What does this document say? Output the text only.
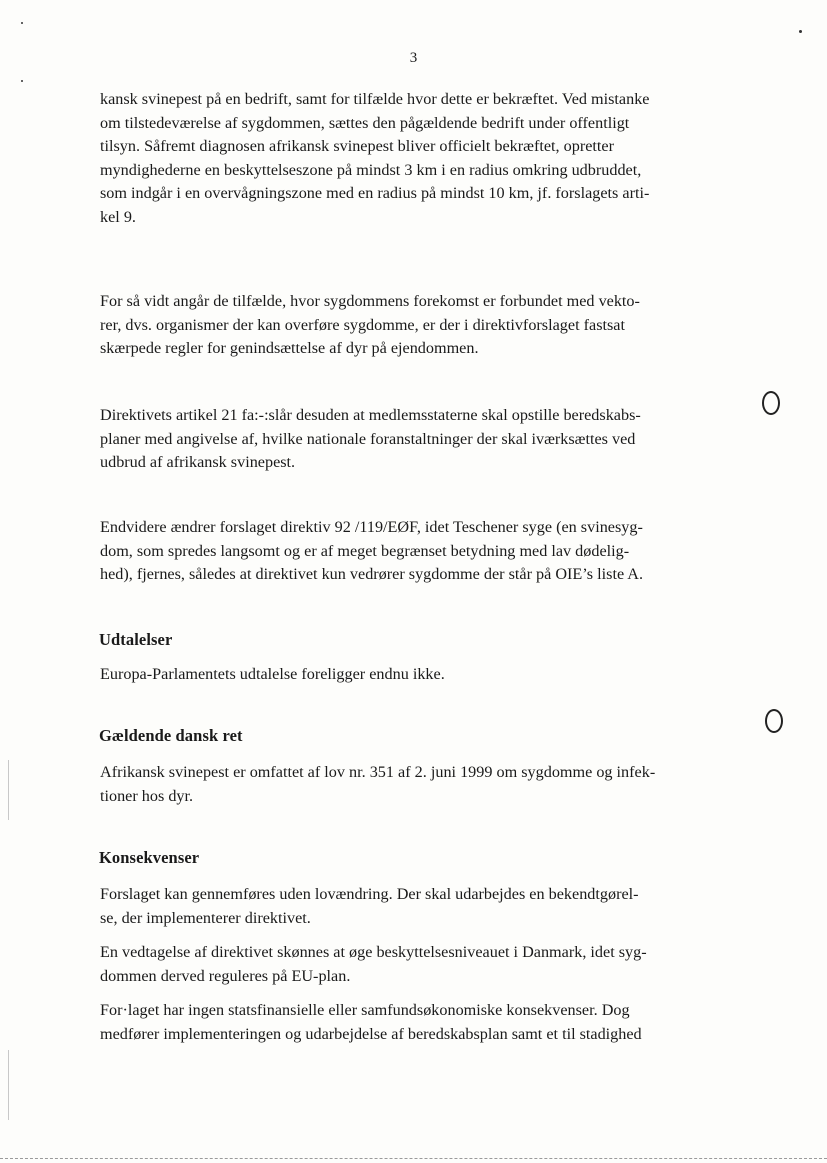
3

kansk svinepest på en bedrift, samt for tilfælde hvor dette er bekræftet. Ved mistanke
om tilstedeværelse af sygdommen, sættes den pågældende bedrift under offentligt
tilsyn. Såfremt diagnosen afrikansk svinepest bliver officielt bekræftet, opretter
myndighederne en beskyttelseszone på mindst 3 km i en radius omkring udbruddet,
som indgår i en overvågningszone med en radius på mindst 10 km, jf. forslagets arti-
kel 9.

For så vidt angår de tilfælde, hvor sygdommens forekomst er forbundet med vekto-
rer, dvs. organismer der kan overføre sygdomme, er der i direktivforslaget fastsat
skærpede regler for genindsættelse af dyr på ejendommen.

Direktivets artikel 21 fa:-:slår desuden at medlemsstaterne skal opstille beredskabs-
planer med angivelse af, hvilke nationale foranstaltninger der skal iværksættes ved
udbrud af afrikansk svinepest.

Endvidere ændrer forslaget direktiv 92 /119/EØF, idet Teschener syge (en svinesyg-
dom, som spredes langsomt og er af meget begrænset betydning med lav dødelig-
hed), fjernes, således at direktivet kun vedrører sygdomme der står på OIE’s liste A.

Udtalelser

Europa-Parlamentets udtalelse foreligger endnu ikke.

Gældende dansk ret

Afrikansk svinepest er omfattet af lov nr. 351 af 2. juni 1999 om sygdomme og infek-
tioner hos dyr.

Konsekvenser

Forslaget kan gennemføres uden lovændring. Der skal udarbejdes en bekendtgørel-
se, der implementerer direktivet.

En vedtagelse af direktivet skønnes at øge beskyttelsesniveauet i Danmark, idet syg-
dommen derved reguleres på EU-plan.

For·laget har ingen statsfinansielle eller samfundsøkonomiske konsekvenser. Dog
medfører implementeringen og udarbejdelse af beredskabsplan samt et til stadighed
